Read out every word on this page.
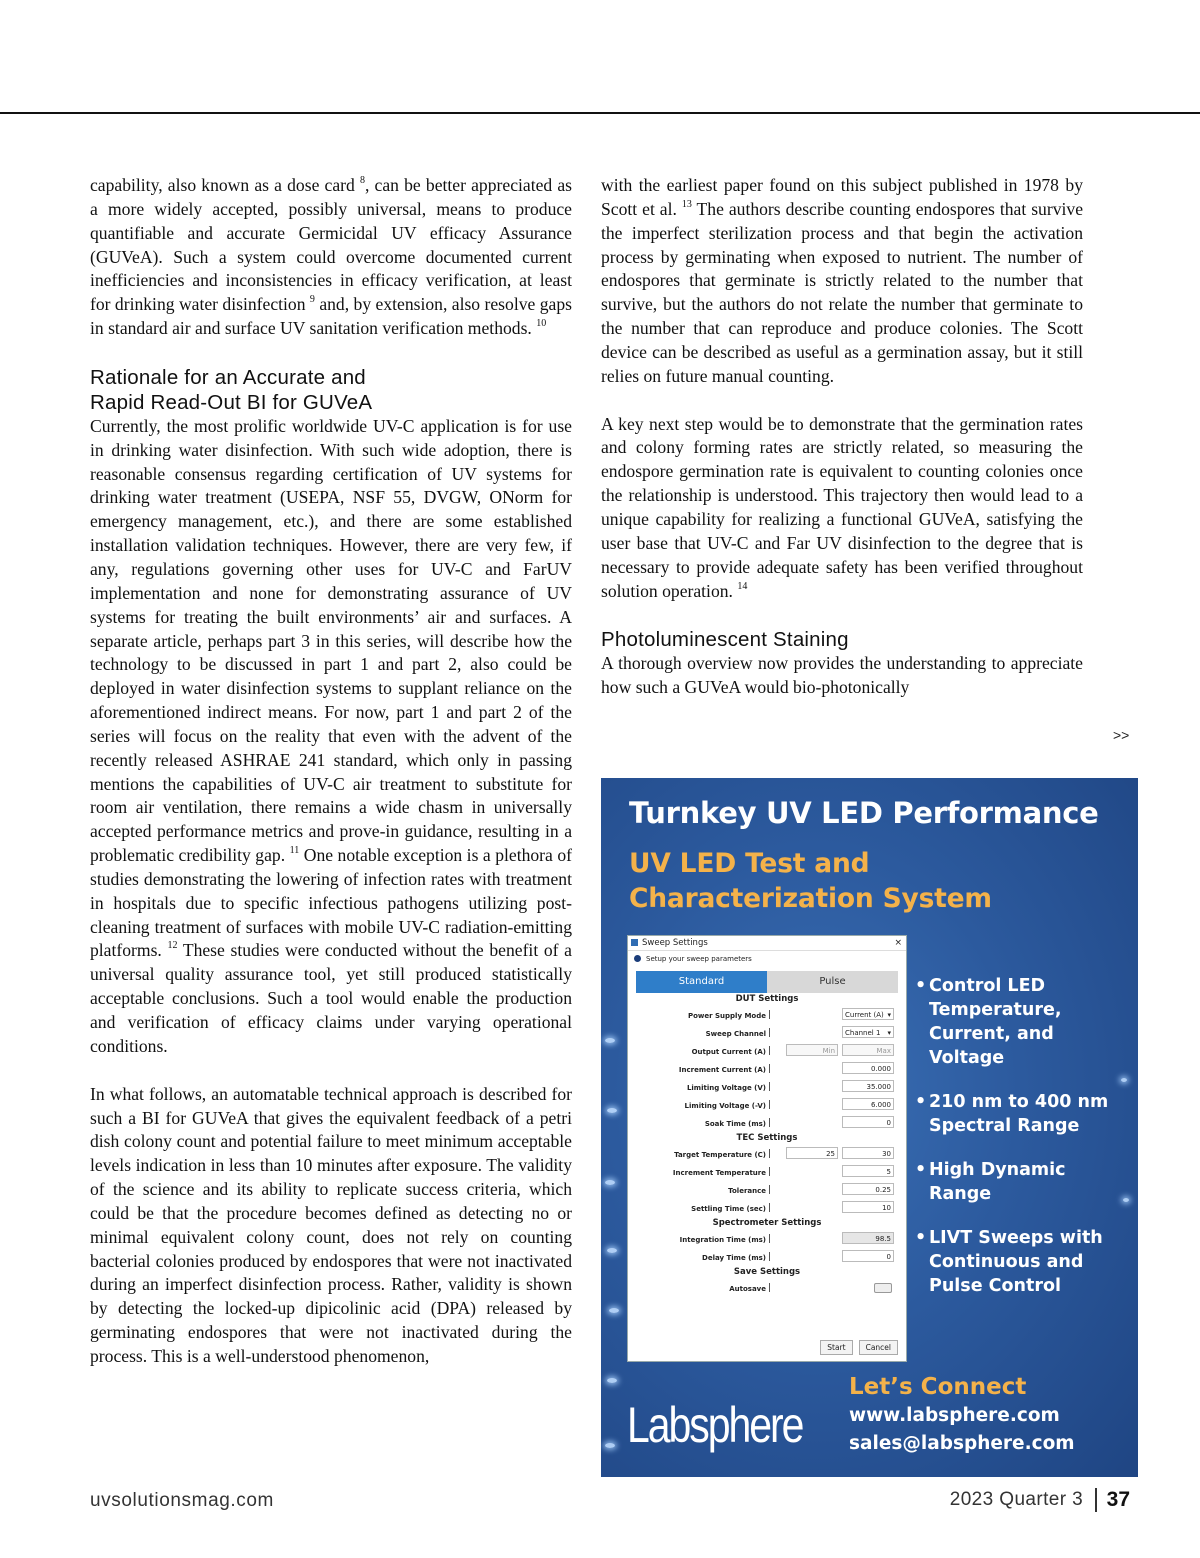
capability, also known as a dose card $^8$, can be better appreciated as a more widely accepted, possibly universal, means to produce quantifiable and accurate Germicidal UV efficacy Assurance (GUVeA). Such a system could overcome documented current inefficiencies and inconsistencies in efficacy verification, at least for drinking water disinfection $^9$ and, by extension, also resolve gaps in standard air and surface UV sanitation verification methods. $^{10}$

Rationale for an Accurate and
Rapid Read-Out BI for GUVeA

Currently, the most prolific worldwide UV-C application is for use in drinking water disinfection. With such wide adoption, there is reasonable consensus regarding certification of UV systems for drinking water treatment (USEPA, NSF 55, DVGW, ONorm for emergency management, etc.), and there are some established installation validation techniques. However, there are very few, if any, regulations governing other uses for UV-C and FarUV implementation and none for demonstrating assurance of UV systems for treating the built environments’ air and surfaces. A separate article, perhaps part 3 in this series, will describe how the technology to be discussed in part 1 and part 2, also could be deployed in water disinfection systems to supplant reliance on the aforementioned indirect means. For now, part 1 and part 2 of the series will focus on the reality that even with the advent of the recently released ASHRAE 241 standard, which only in passing mentions the capabilities of UV-C air treatment to substitute for room air ventilation, there remains a wide chasm in universally accepted performance metrics and prove-in guidance, resulting in a problematic credibility gap. $^{11}$ One notable exception is a plethora of studies demonstrating the lowering of infection rates with treatment in hospitals due to specific infectious pathogens utilizing post-cleaning treatment of surfaces with mobile UV-C radiation-emitting platforms. $^{12}$ These studies were conducted without the benefit of a universal quality assurance tool, yet still produced statistically acceptable conclusions. Such a tool would enable the production and verification of efficacy claims under varying operational conditions.

In what follows, an automatable technical approach is described for such a BI for GUVeA that gives the equivalent feedback of a petri dish colony count and potential failure to meet minimum acceptable levels indication in less than 10 minutes after exposure. The validity of the science and its ability to replicate success criteria, which could be that the procedure becomes defined as detecting no or minimal equivalent colony count, does not rely on counting bacterial colonies produced by endospores that were not inactivated during an imperfect disinfection process. Rather, validity is shown by detecting the locked-up dipicolinic acid (DPA) released by germinating endospores that were not inactivated during the process. This is a well-understood phenomenon,

with the earliest paper found on this subject published in 1978 by Scott et al. $^{13}$ The authors describe counting endospores that survive the imperfect sterilization process and that begin the activation process by germinating when exposed to nutrient. The number of endospores that germinate is strictly related to the number that survive, but the authors do not relate the number that germinate to the number that can reproduce and produce colonies. The Scott device can be described as useful as a germination assay, but it still relies on future manual counting.

A key next step would be to demonstrate that the germination rates and colony forming rates are strictly related, so measuring the endospore germination rate is equivalent to counting colonies once the relationship is understood. This trajectory then would lead to a unique capability for realizing a functional GUVeA, satisfying the user base that UV-C and Far UV disinfection to the degree that is necessary to provide adequate safety has been verified throughout solution operation. $^{14}$

Photoluminescent Staining

A thorough overview now provides the understanding to appreciate how such a GUVeA would bio-photonically

>>
Turnkey UV LED Performance
UV LED Test and
Characterization System
Sweep Settings	×
Setup your sweep parameters
Standard	Pulse
DUT Settings
Power Supply Mode	Current (A) ▾
Sweep Channel	Channel 1 ▾
Output Current (A)	Min	Max
Increment Current (A)	0.000
Limiting Voltage (V)	35.000
Limiting Voltage (-V)	6.000
Soak Time (ms)	0
TEC Settings
Target Temperature (C)	25	30
Increment Temperature	5
Tolerance	0.25
Settling Time (sec)	10
Spectrometer Settings
Integration Time (ms)	98.5
Delay Time (ms)	0
Save Settings
Autosave
Start	Cancel
• Control LED Temperature, Current, and Voltage
• 210 nm to 400 nm Spectral Range
• High Dynamic Range
• LIVT Sweeps with Continuous and Pulse Control
Labsphere
Let’s Connect
www.labsphere.com
sales@labsphere.com
uvsolutionsmag.com	2023 Quarter 3 37
